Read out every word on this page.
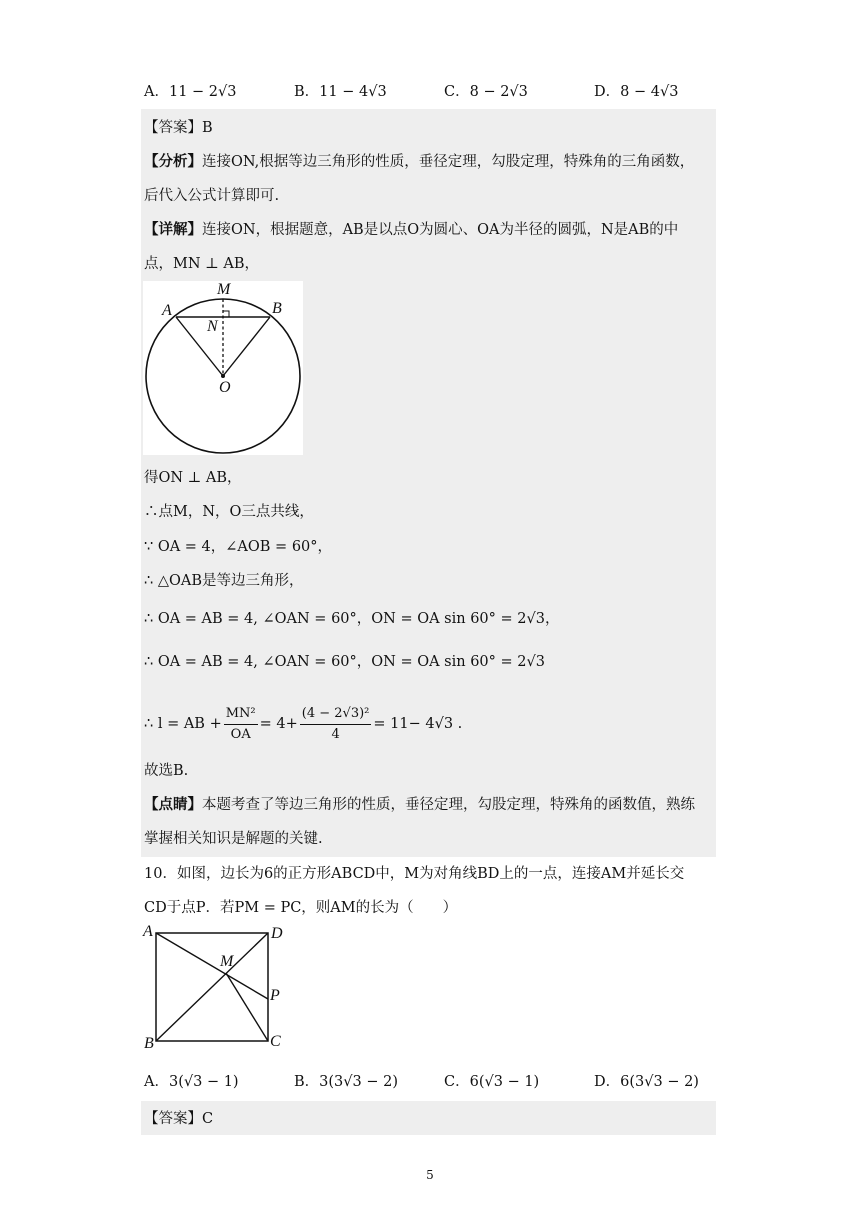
A．11 − 2√3	B．11 − 4√3	C．8 − 2√3	D．8 − 4√3
【答案】B
【分析】连接ON,根据等边三角形的性质，垂径定理，勾股定理，特殊角的三角函数，
后代入公式计算即可.
【详解】连接ON，根据题意，AB是以点O为圆心、OA为半径的圆弧，N是AB的中
点，MN ⊥ AB，
M
A	B
N
O
得ON ⊥ AB，
∴点M，N，O三点共线，
∵ OA = 4，∠AOB = 60°，
∴ △OAB是等边三角形，
∴ OA = AB = 4, ∠OAN = 60°，ON = OA sin 60° = 2√3，
∴ OA = AB = 4, ∠OAN = 60°，ON = OA sin 60° = 2√3
∴ l = AB + $\frac{\text{MN²}}{OA} = 4+ \frac{\text{(4 − 2√3)²}}{4} = 11- 4√3$ .
故选B.
【点睛】本题考查了等边三角形的性质，垂径定理，勾股定理，特殊角的函数值，熟练
掌握相关知识是解题的关键.
10．如图，边长为6的正方形ABCD中，M为对角线BD上的一点，连接AM并延长交
CD于点P．若PM = PC，则AM的长为（　　）
A	D
M
P
B	C
A．3(√3 − 1)	B．3(3√3 − 2)	C．6(√3 − 1)	D．6(3√3 − 2)
【答案】C
5
